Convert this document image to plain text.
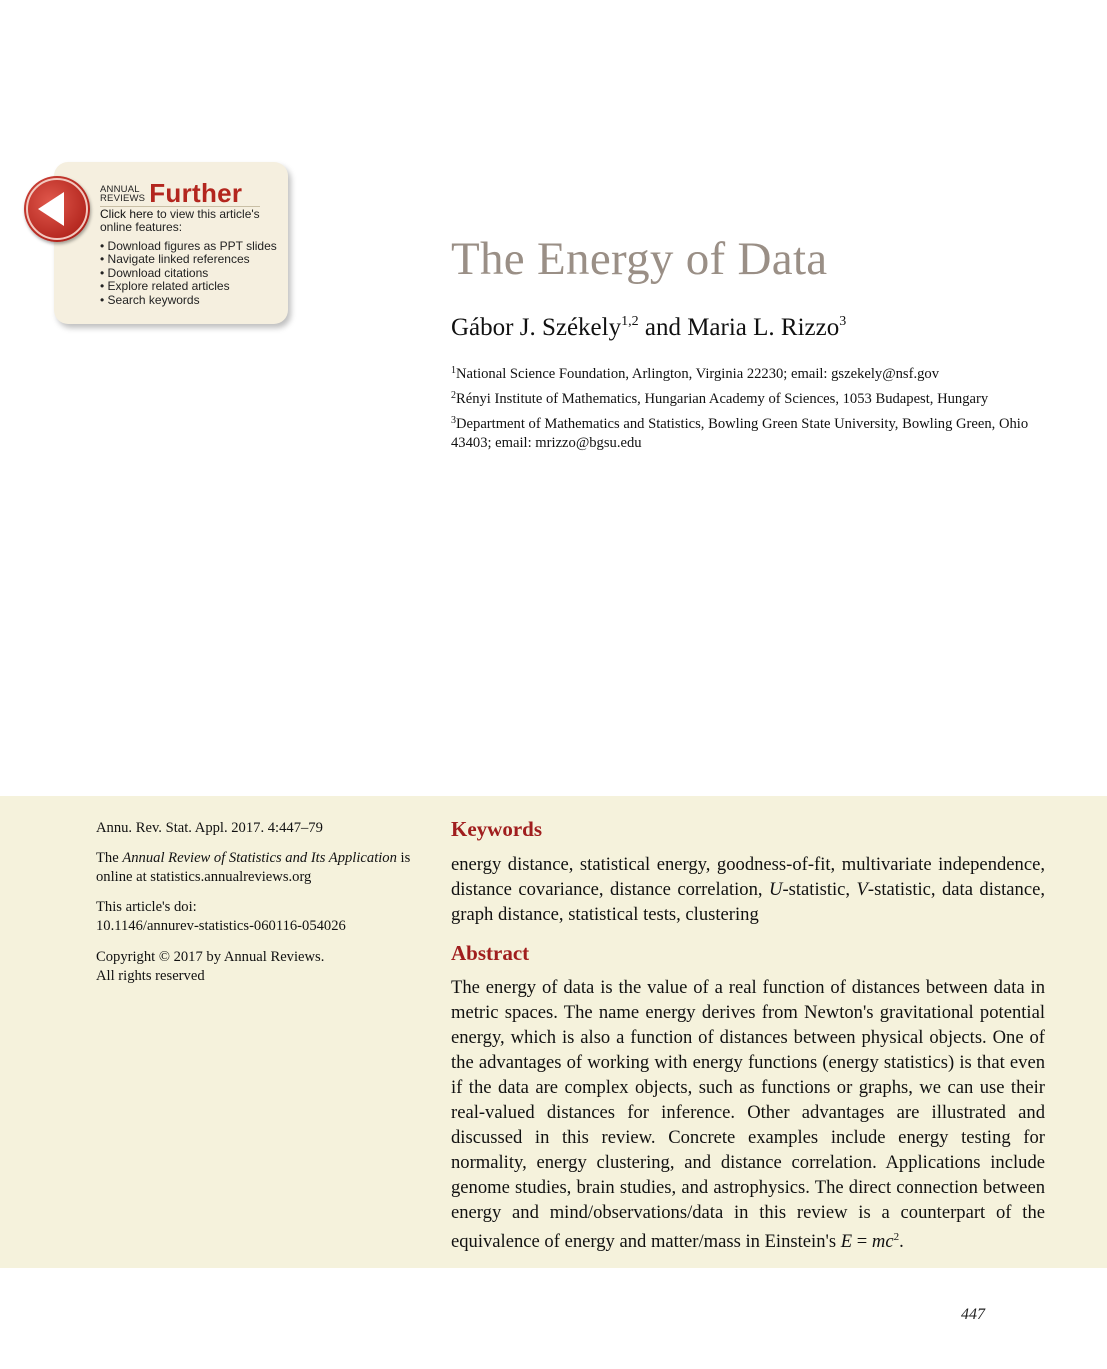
ANNUAL
REVIEWS Further
Click here to view this article's online features:
• Download figures as PPT slides
• Navigate linked references
• Download citations
• Explore related articles
• Search keywords
The Energy of Data
Gábor J. Székely$^{1,2}$ and Maria L. Rizzo$^3$
$^1$National Science Foundation, Arlington, Virginia 22230; email: gszekely@nsf.gov
$^2$Rényi Institute of Mathematics, Hungarian Academy of Sciences, 1053 Budapest, Hungary
$^3$Department of Mathematics and Statistics, Bowling Green State University, Bowling Green, Ohio 43403; email: mrizzo@bgsu.edu
Annu. Rev. Stat. Appl. 2017. 4:447–79
The Annual Review of Statistics and Its Application is online at statistics.annualreviews.org
This article's doi:
10.1146/annurev-statistics-060116-054026
Copyright © 2017 by Annual Reviews.
All rights reserved
Keywords

energy distance, statistical energy, goodness-of-fit, multivariate independence, distance covariance, distance correlation, U-statistic, V-statistic, data distance, graph distance, statistical tests, clustering

Abstract

The energy of data is the value of a real function of distances between data in metric spaces. The name energy derives from Newton's gravitational potential energy, which is also a function of distances between physical objects. One of the advantages of working with energy functions (energy statistics) is that even if the data are complex objects, such as functions or graphs, we can use their real-valued distances for inference. Other advantages are illustrated and discussed in this review. Concrete examples include energy testing for normality, energy clustering, and distance correlation. Applications include genome studies, brain studies, and astrophysics. The direct connection between energy and mind/observations/data in this review is a counterpart of the equivalence of energy and matter/mass in Einstein's $E = mc^2$.

447
